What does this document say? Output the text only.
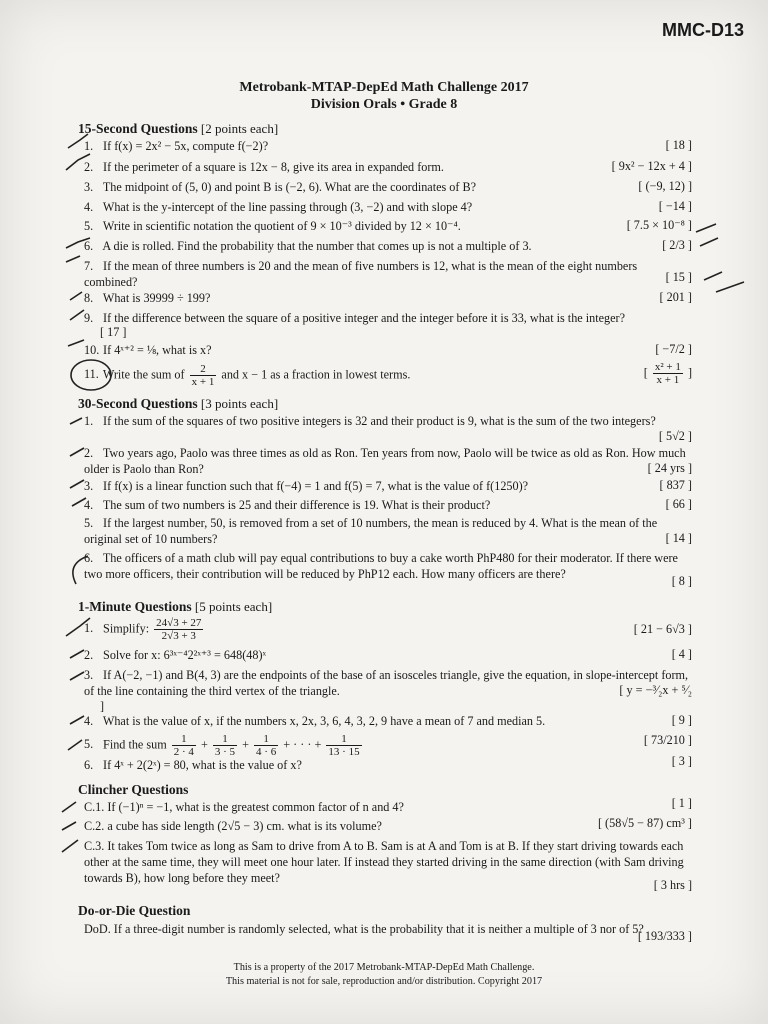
MMC-D13
Metrobank-MTAP-DepEd Math Challenge 2017
Division Orals • Grade 8
15-Second Questions [2 points each]
1. If f(x) = 2x² − 5x, compute f(−2)?	[ 18 ]
2. If the perimeter of a square is 12x − 8, give its area in expanded form.	[ 9x² − 12x + 4 ]
3. The midpoint of (5, 0) and point B is (−2, 6). What are the coordinates of B?	[ (−9, 12) ]
4. What is the y-intercept of the line passing through (3, −2) and with slope 4?	[ −14 ]
5. Write in scientific notation the quotient of 9 × 10⁻³ divided by 12 × 10⁻⁴.	[ 7.5 × 10⁻⁸ ]
6. A die is rolled. Find the probability that the number that comes up is not a multiple of 3.	[ 2/3 ]
7. If the mean of three numbers is 20 and the mean of five numbers is 12, what is the mean of the eight numbers combined?	[ 15 ]
8. What is 39999 ÷ 199?	[ 201 ]
9. If the difference between the square of a positive integer and the integer before it is 33, what is the integer?
[ 17 ]
10. If 4ˣ⁺² = ⅛, what is x?	[ −7/2 ]
11. Write the sum of $\frac{2}{x + 1}$ and x − 1 as a fraction in lowest terms.	[ $\frac{\text{x² + 1}}{x + 1}$ ]
30-Second Questions [3 points each]
1. If the sum of the squares of two positive integers is 32 and their product is 9, what is the sum of the two integers?
[ 5√2 ]
2. Two years ago, Paolo was three times as old as Ron. Ten years from now, Paolo will be twice as old as Ron. How much older is Paolo than Ron?	[ 24 yrs ]
3. If f(x) is a linear function such that f(−4) = 1 and f(5) = 7, what is the value of f(1250)?	[ 837 ]
4. The sum of two numbers is 25 and their difference is 19. What is their product?	[ 66 ]
5. If the largest number, 50, is removed from a set of 10 numbers, the mean is reduced by 4. What is the mean of the original set of 10 numbers?	[ 14 ]
6. The officers of a math club will pay equal contributions to buy a cake worth PhP480 for their moderator. If there were two more officers, their contribution will be reduced by PhP12 each. How many officers are there?	[ 8 ]
1-Minute Questions [5 points each]
1. Simplify: $\frac{24√3 + 27}{2√3 + 3}$	[ 21 − 6√3 ]
2. Solve for x: 6³ˣ⁻⁴2²ˣ⁺³ = 648(48)ˣ	[ 4 ]
3. If A(−2, −1) and B(4, 3) are the endpoints of the base of an isosceles triangle, give the equation, in slope-intercept form, of the line containing the third vertex of the triangle.	[ y = −³⁄₂x + ⁵⁄₂
]
4. What is the value of x, if the numbers x, 2x, 3, 6, 4, 3, 2, 9 have a mean of 7 and median 5.	[ 9 ]
5. Find the sum $\frac{1}{2 \cdot 4} + \frac{1}{3 \cdot 5} + \frac{1}{4 \cdot 6}$ + · · · + $\frac{1}{13 \cdot 15}$	[ 73/210 ]
6. If 4ˣ + 2(2ˣ) = 80, what is the value of x?	[ 3 ]
Clincher Questions
C.1. If (−1)ⁿ = −1, what is the greatest common factor of n and 4?	[ 1 ]
C.2. a cube has side length (2√5 − 3) cm. what is its volume?	[ (58√5 − 87) cm³ ]
C.3. It takes Tom twice as long as Sam to drive from A to B. Sam is at A and Tom is at B. If they start driving towards each other at the same time, they will meet one hour later. If instead they started driving in the same direction (with Sam driving towards B), how long before they meet?	[ 3 hrs ]
Do-or-Die Question
DoD. If a three-digit number is randomly selected, what is the probability that it is neither a multiple of 3 nor of 5?
[ 193/333 ]
This is a property of the 2017 Metrobank-MTAP-DepEd Math Challenge.
This material is not for sale, reproduction and/or distribution. Copyright 2017
